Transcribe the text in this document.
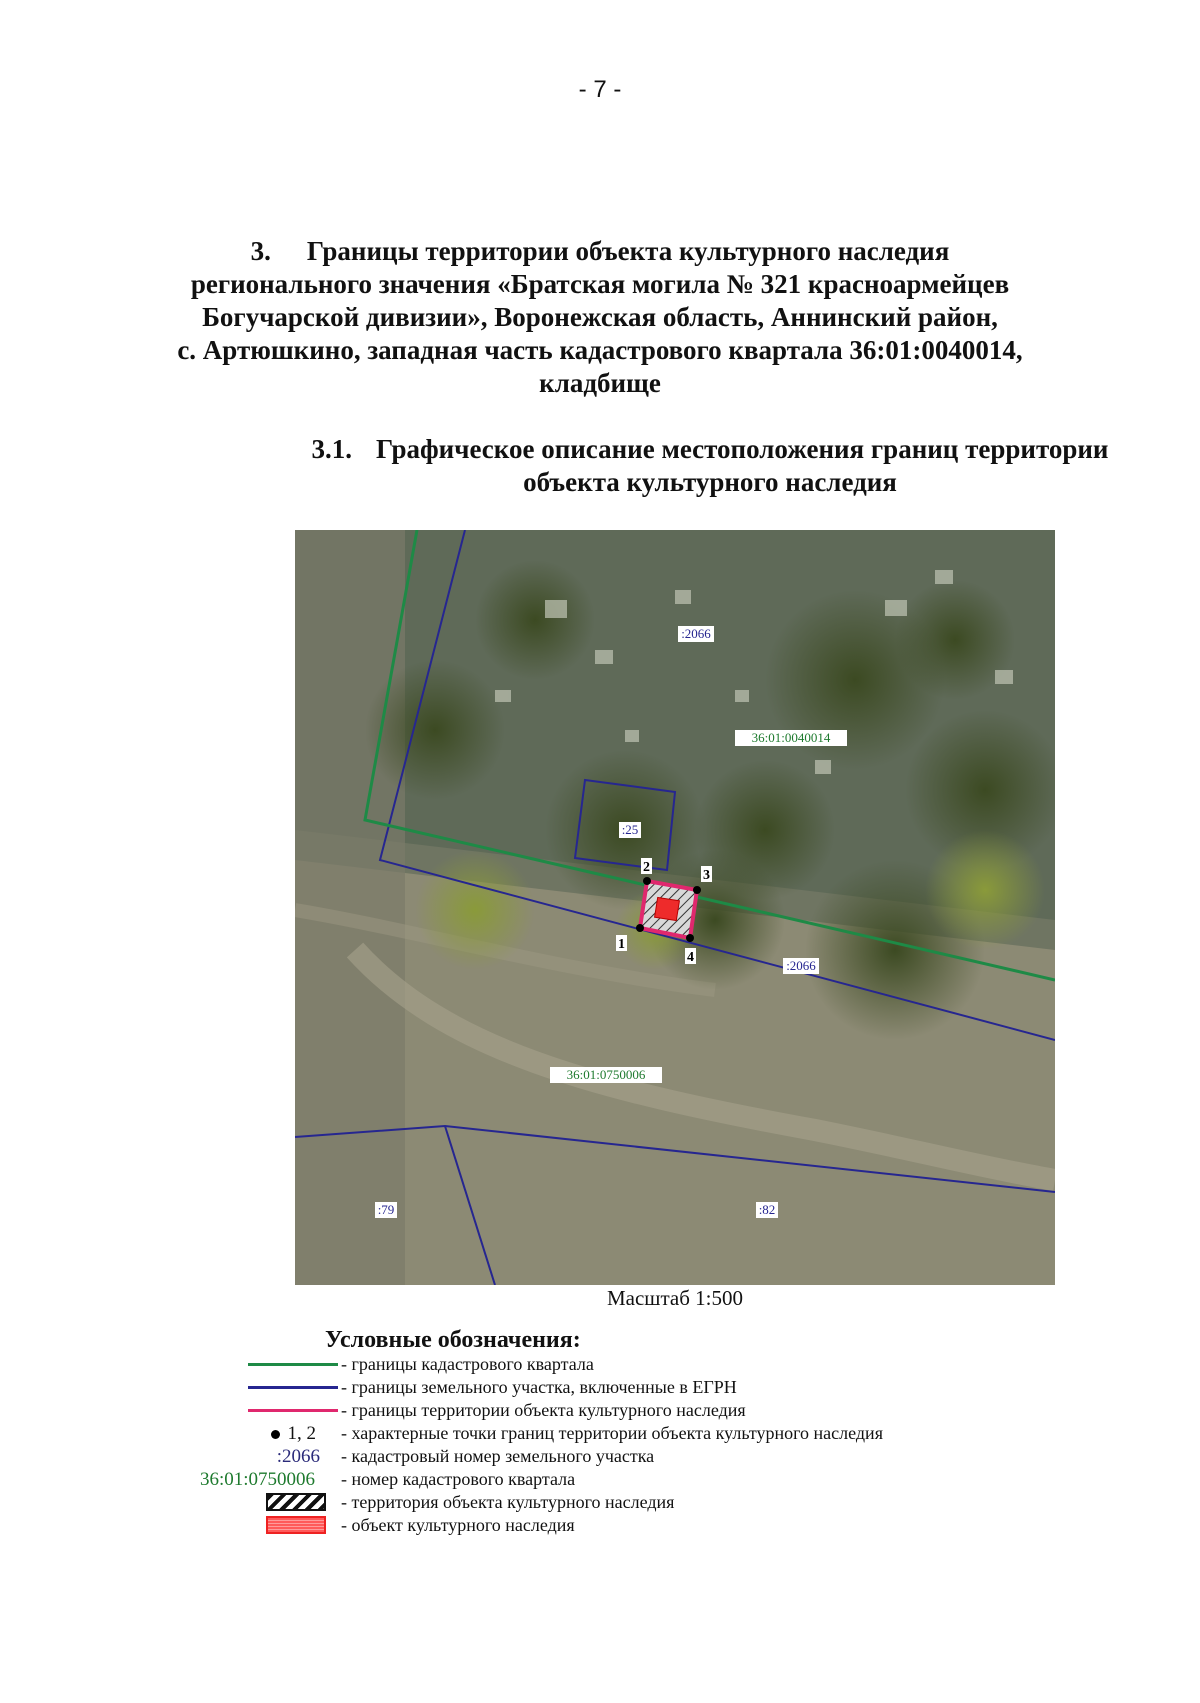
- 7 -
3. Границы территории объекта культурного наследия
регионального значения «Братская могила № 321 красноармейцев
Богучарской дивизии», Воронежская область, Аннинский район,
с. Артюшкино, западная часть кадастрового квартала 36:01:0040014,
кладбище
3.1. Графическое описание местоположения границ территории
объекта культурного наследия
1
2
3
4
:2066
:25
:2066
:79	:82
36:01:0040014
36:01:0750006
Масштаб 1:500
Условные обозначения:
- границы кадастрового квартала
- границы земельного участка, включенные в ЕГРН
- границы территории объекта культурного наследия
1, 2 - характерные точки границ территории объекта культурного наследия
:2066 - кадастровый номер земельного участка
36:01:0750006 - номер кадастрового квартала
- территория объекта культурного наследия
- объект культурного наследия
